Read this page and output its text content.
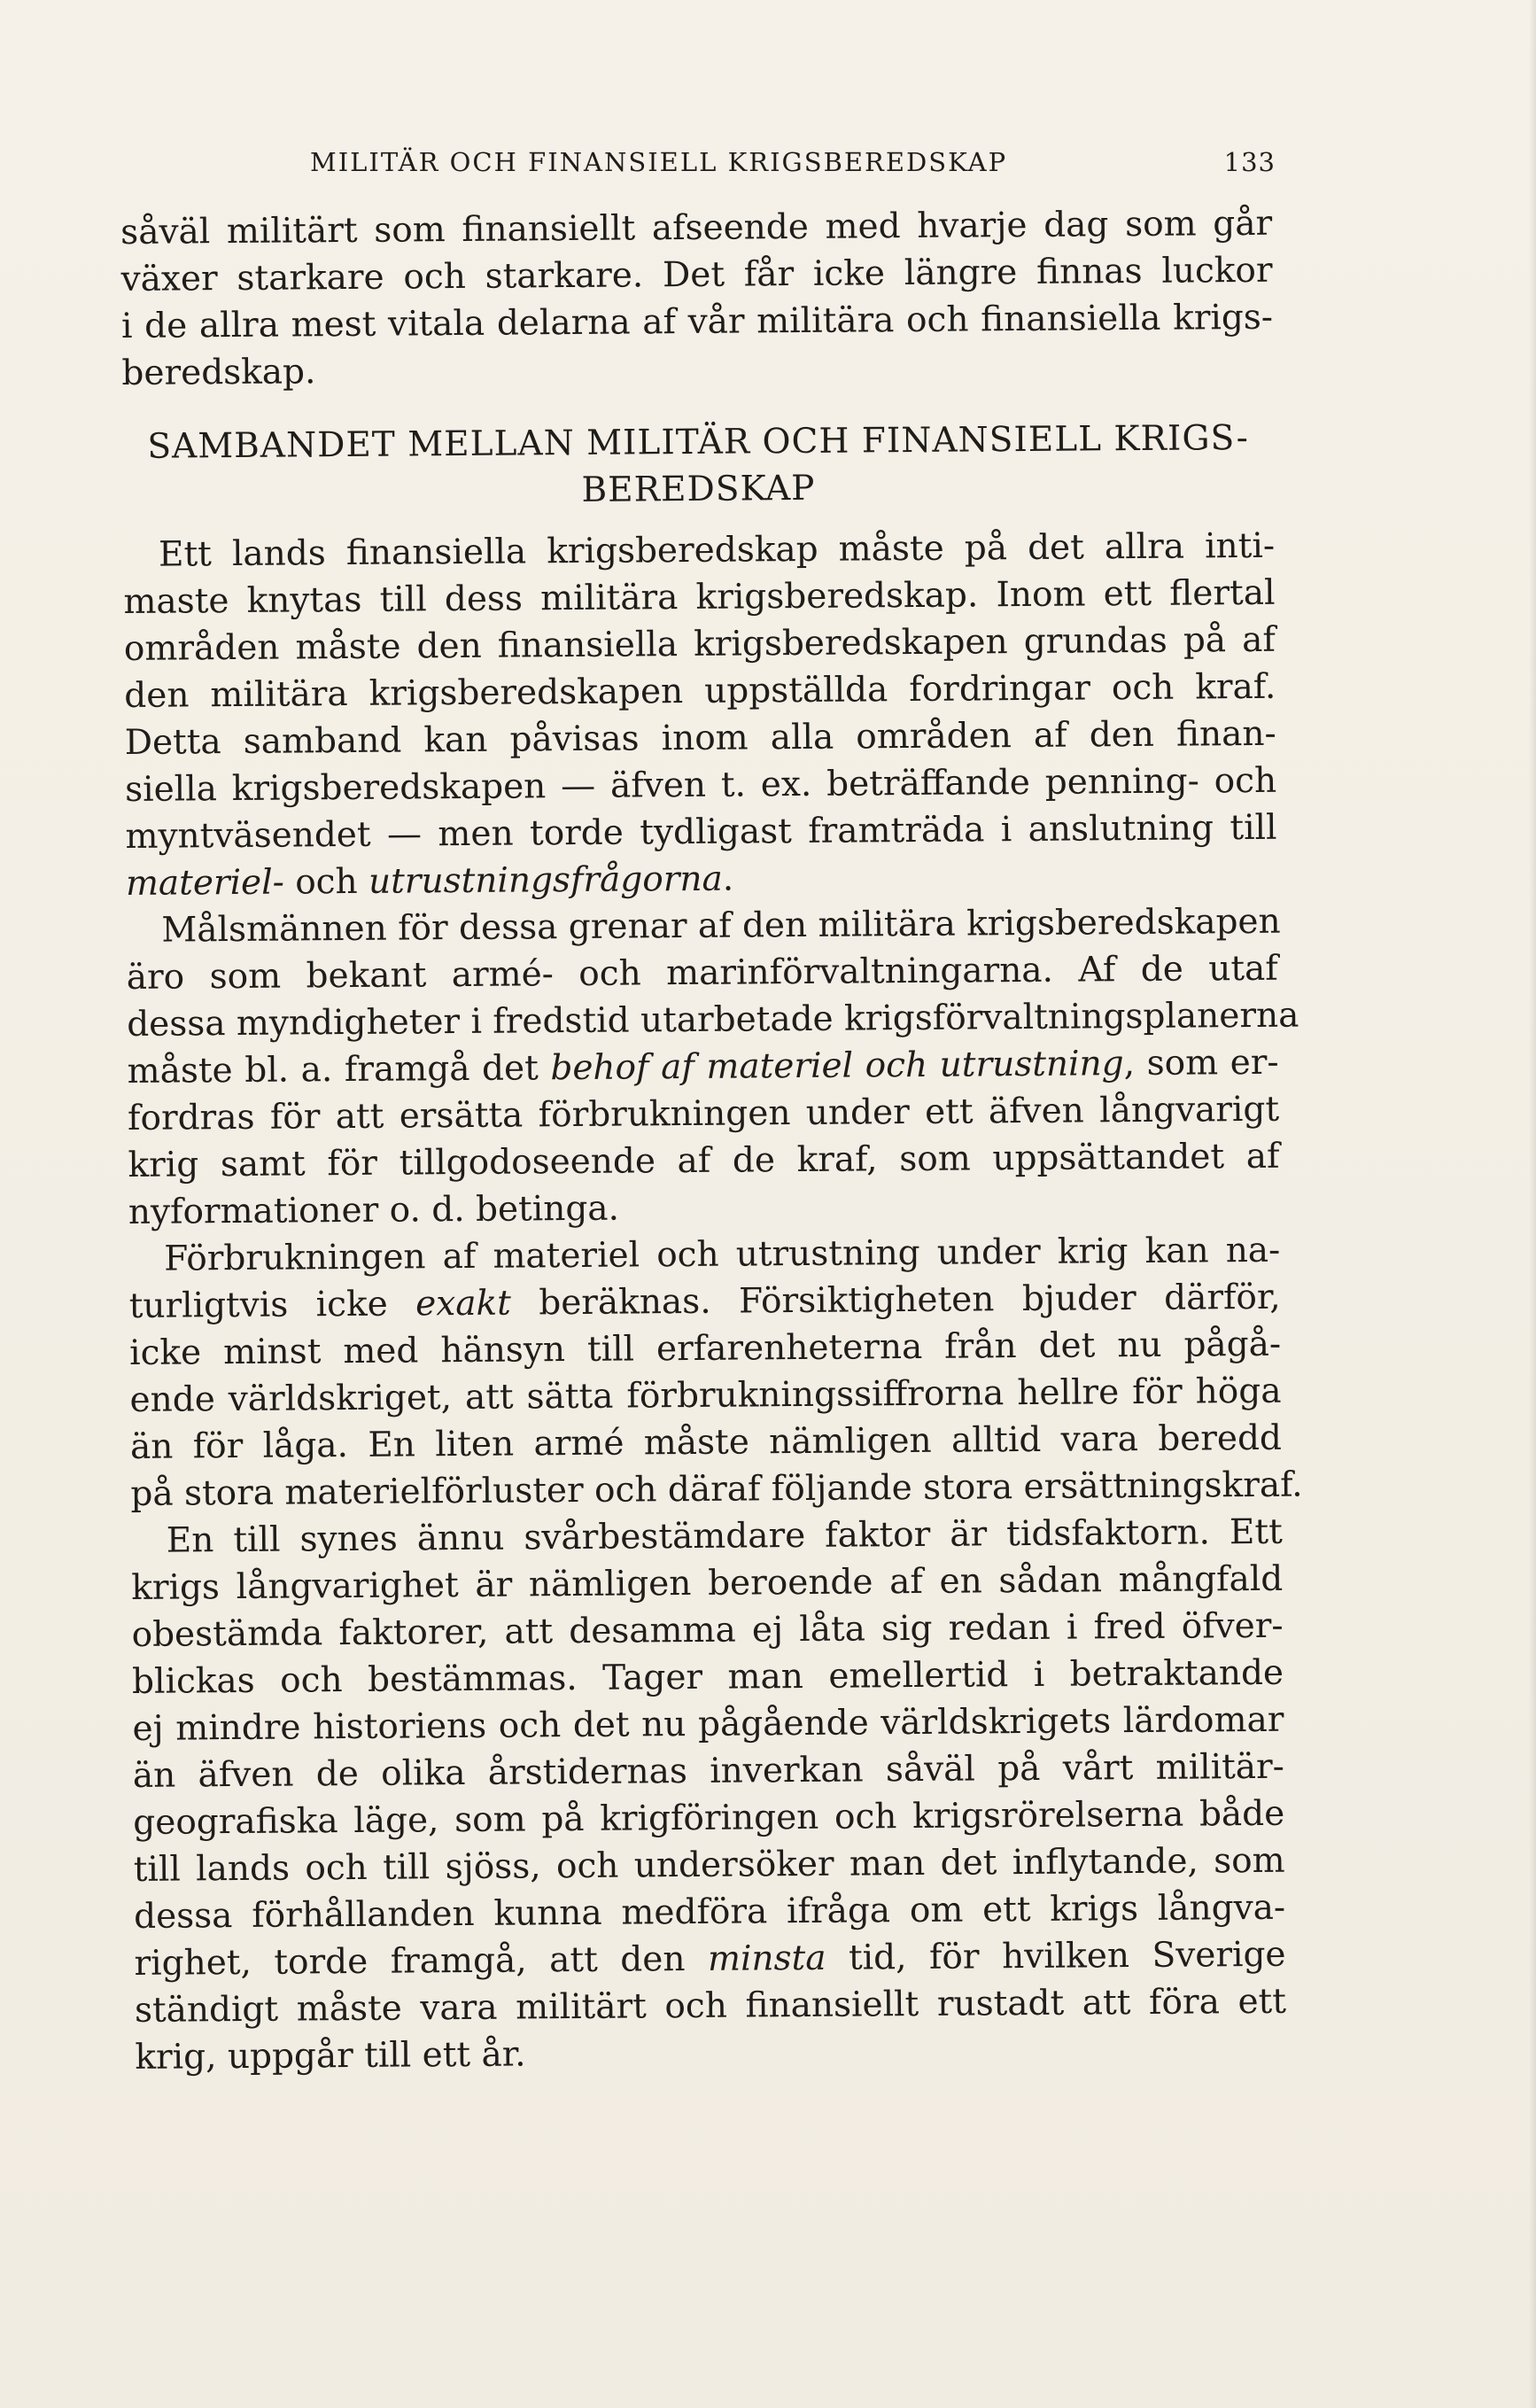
MILITÄR OCH FINANSIELL KRIGSBEREDSKAP	133
såväl militärt som finansiellt afseende med hvarje dag som går
växer starkare och starkare. Det får icke längre finnas luckor
i de allra mest vitala delarna af vår militära och finansiella krigs-
beredskap.
SAMBANDET MELLAN MILITÄR OCH FINANSIELL KRIGS-
BEREDSKAP
Ett lands finansiella krigsberedskap måste på det allra inti-
maste knytas till dess militära krigsberedskap. Inom ett flertal
områden måste den finansiella krigsberedskapen grundas på af
den militära krigsberedskapen uppställda fordringar och kraf.
Detta samband kan påvisas inom alla områden af den finan-
siella krigsberedskapen — äfven t. ex. beträffande penning- och
myntväsendet — men torde tydligast framträda i anslutning till
materiel- och utrustningsfrågorna.
Målsmännen för dessa grenar af den militära krigsberedskapen
äro som bekant armé- och marinförvaltningarna. Af de utaf
dessa myndigheter i fredstid utarbetade krigsförvaltningsplanerna
måste bl. a. framgå det behof af materiel och utrustning, som er-
fordras för att ersätta förbrukningen under ett äfven långvarigt
krig samt för tillgodoseende af de kraf, som uppsättandet af
nyformationer o. d. betinga.
Förbrukningen af materiel och utrustning under krig kan na-
turligtvis icke exakt beräknas. Försiktigheten bjuder därför,
icke minst med hänsyn till erfarenheterna från det nu pågå-
ende världskriget, att sätta förbrukningssiffrorna hellre för höga
än för låga. En liten armé måste nämligen alltid vara beredd
på stora materielförluster och däraf följande stora ersättningskraf.
En till synes ännu svårbestämdare faktor är tidsfaktorn. Ett
krigs långvarighet är nämligen beroende af en sådan mångfald
obestämda faktorer, att desamma ej låta sig redan i fred öfver-
blickas och bestämmas. Tager man emellertid i betraktande
ej mindre historiens och det nu pågående världskrigets lärdomar
än äfven de olika årstidernas inverkan såväl på vårt militär-
geografiska läge, som på krigföringen och krigsrörelserna både
till lands och till sjöss, och undersöker man det inflytande, som
dessa förhållanden kunna medföra ifråga om ett krigs långva-
righet, torde framgå, att den minsta tid, för hvilken Sverige
ständigt måste vara militärt och finansiellt rustadt att föra ett
krig, uppgår till ett år.
